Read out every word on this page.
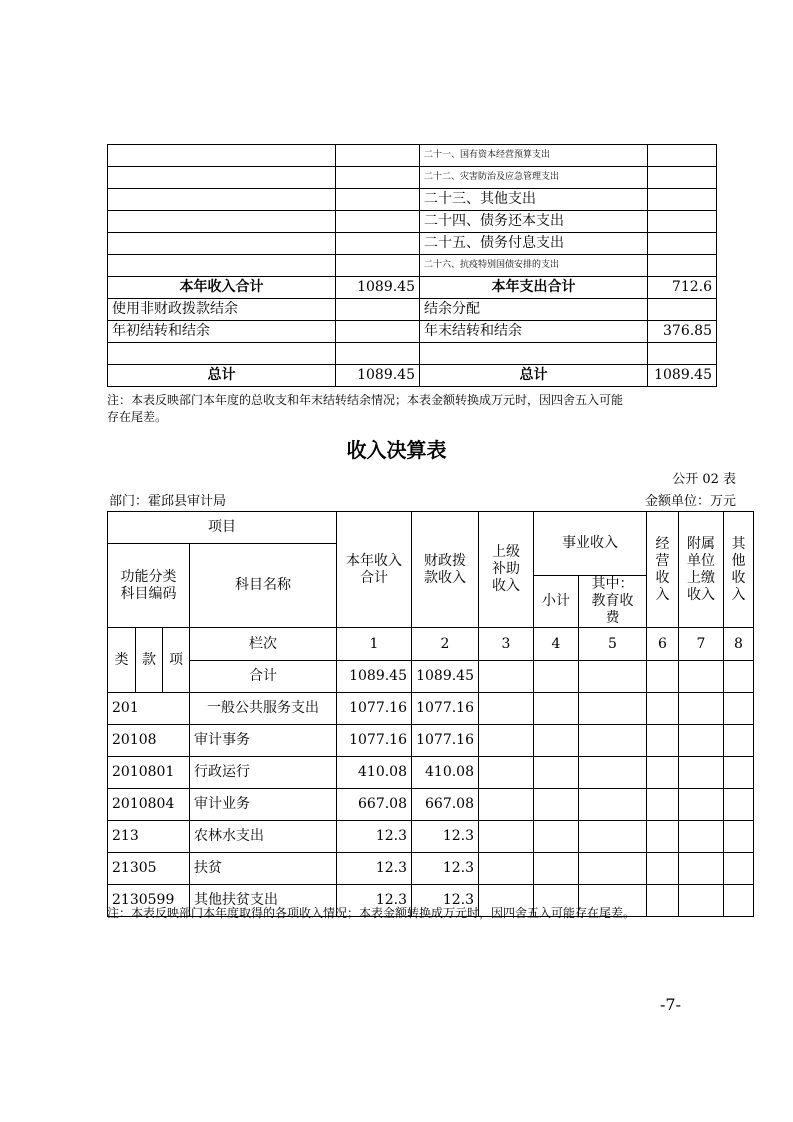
		二十一、国有资本经营预算支出	
		二十二、灾害防治及应急管理支出	
		二十三、其他支出	
		二十四、债务还本支出	
		二十五、债务付息支出	
		二十六、抗疫特别国债安排的支出	
本年收入合计	1089.45	本年支出合计	712.6
使用非财政拨款结余		结余分配	
年初结转和结余		年末结转和结余	376.85

总计	1089.45	总计	1089.45
注：本表反映部门本年度的总收支和年末结转结余情况；本表金额转换成万元时，因四舍五入可能
存在尾差。
收入决算表
公开 02 表
部门：霍邱县审计局	金额单位：万元
项目				本年收入合计	财政拨款收入	上级补助收入	事业收入		经营收入	附属单位上缴收入	其他收入	
功能分类科目编码			科目名称									
							小计	其中：教育收费				
类	款	项	栏次	1	2	3	4	5	6	7	8	
			合计	1089.45	1089.45							
201			一般公共服务支出	1077.16	1077.16							
20108			审计事务	1077.16	1077.16							
2010801			行政运行	410.08	410.08							
2010804			审计业务	667.08	667.08							
213			农林水支出	12.3	12.3							
21305			扶贫	12.3	12.3							
2130599			其他扶贫支出	12.3	12.3							
注：本表反映部门本年度取得的各项收入情况；本表金额转换成万元时，因四舍五入可能存在尾差。
-7-
